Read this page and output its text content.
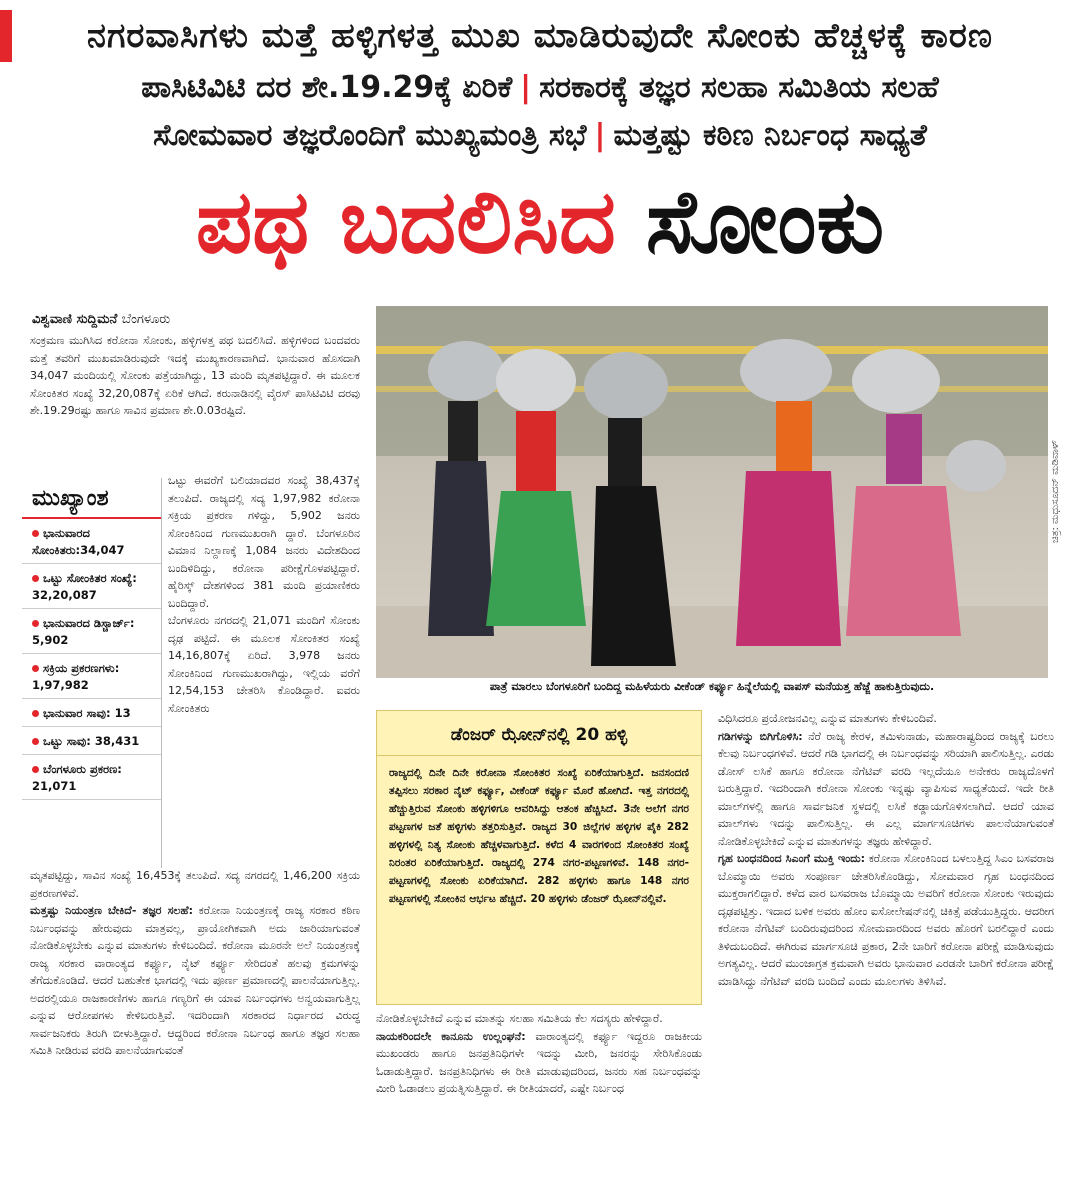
ನಗರವಾಸಿಗಳು ಮತ್ತೆ ಹಳ್ಳಿಗಳತ್ತ ಮುಖ ಮಾಡಿರುವುದೇ ಸೋಂಕು ಹೆಚ್ಚಳಕ್ಕೆ ಕಾರಣ
ಪಾಸಿಟಿವಿಟಿ ದರ ಶೇ.19.29ಕ್ಕೆ ಏರಿಕೆ | ಸರಕಾರಕ್ಕೆ ತಜ್ಞರ ಸಲಹಾ ಸಮಿತಿಯ ಸಲಹೆ
ಸೋಮವಾರ ತಜ್ಞರೊಂದಿಗೆ ಮುಖ್ಯಮಂತ್ರಿ ಸಭೆ | ಮತ್ತಷ್ಟು ಕಠಿಣ ನಿರ್ಬಂಧ ಸಾಧ್ಯತೆ
ಪಥ ಬದಲಿಸಿದ ಸೋಂಕು
ವಿಶ್ವವಾಣಿ ಸುದ್ದಿಮನೆ ಬೆಂಗಳೂರು

ಸಂಕ್ರಮಣ ಮುಗಿಸಿದ ಕರೋನಾ ಸೋಂಕು, ಹಳ್ಳಿಗಳತ್ತ ಪಥ ಬದಲಿಸಿದೆ. ಹಳ್ಳಿಗಳಿಂದ ಬಂದವರು ಮತ್ತೆ ತವರಿಗೆ ಮುಖಮಾಡಿರುವುದೇ ಇದಕ್ಕೆ ಮುಖ್ಯಕಾರಣವಾಗಿದೆ. ಭಾನುವಾರ ಹೊಸದಾಗಿ 34,047 ಮಂದಿಯಲ್ಲಿ ಸೋಂಕು ಪತ್ತೆಯಾಗಿದ್ದು, 13 ಮಂದಿ ಮೃತಪಟ್ಟಿದ್ದಾರೆ. ಈ ಮೂಲಕ ಸೋಂಕಿತರ ಸಂಖ್ಯೆ 32,20,087ಕ್ಕೆ ಏರಿಕೆ ಆಗಿದೆ. ಕರುನಾಡಿನಲ್ಲಿ ವೈರಸ್ ಪಾಸಿಟಿವಿಟಿ ದರವು ಶೇ.19.29ರಷ್ಟು ಹಾಗೂ ಸಾವಿನ ಪ್ರಮಾಣ ಶೇ.0.03ರಷ್ಟಿದೆ.

ಮುಖ್ಯಾಂಶ
ಭಾನುವಾರದ ಸೋಂಕಿತರು:34,047
ಒಟ್ಟು ಸೋಂಕಿತರ ಸಂಖ್ಯೆ: 32,20,087
ಭಾನುವಾರದ ಡಿಸ್ಚಾರ್ಜ್: 5,902
ಸಕ್ರಿಯ ಪ್ರಕರಣಗಳು: 1,97,982
ಭಾನುವಾರ ಸಾವು: 13
ಒಟ್ಟು ಸಾವು: 38,431
ಬೆಂಗಳೂರು ಪ್ರಕರಣ: 21,071

ಒಟ್ಟು ಈವರೆಗೆ ಬಲಿಯಾದವರ ಸಂಖ್ಯೆ 38,437ಕ್ಕೆ ತಲುಪಿದೆ. ರಾಜ್ಯದಲ್ಲಿ ಸದ್ಯ 1,97,982 ಕರೋನಾ ಸಕ್ರಿಯ ಪ್ರಕರಣ ಗಳಿದ್ದು, 5,902 ಜನರು ಸೋಂಕಿನಿಂದ ಗುಣಮುಖರಾಗಿ ದ್ದಾರೆ. ಬೆಂಗಳೂರಿನ ವಿಮಾನ ನಿಲ್ದಾಣಕ್ಕೆ 1,084 ಜನರು ವಿದೇಶದಿಂದ ಬಂದಿಳಿದಿದ್ದು, ಕರೋನಾ ಪರೀಕ್ಷೆಗೊಳಪಟ್ಟಿದ್ದಾರೆ. ಹೈರಿಸ್ಕ್ ದೇಶಗಳಿಂದ 381 ಮಂದಿ ಪ್ರಯಾಣಿಕರು ಬಂದಿದ್ದಾರೆ.

ಬೆಂಗಳೂರು ನಗರದಲ್ಲಿ 21,071 ಮಂದಿಗೆ ಸೋಂಕು ದೃಢ ಪಟ್ಟಿದೆ. ಈ ಮೂಲಕ ಸೋಂಕಿತರ ಸಂಖ್ಯೆ 14,16,807ಕ್ಕೆ ಏರಿದೆ. 3,978 ಜನರು ಸೋಂಕಿನಿಂದ ಗುಣಮುಖರಾಗಿದ್ದು, ಇಲ್ಲಿಯ ವರೆಗೆ 12,54,153 ಚೇತರಿಸಿ ಕೊಂಡಿದ್ದಾರೆ. ಐವರು ಸೋಂಕಿತರು

ಮೃತಪಟ್ಟಿದ್ದು, ಸಾವಿನ ಸಂಖ್ಯೆ 16,453ಕ್ಕೆ ತಲುಪಿದೆ. ಸದ್ಯ ನಗರದಲ್ಲಿ 1,46,200 ಸಕ್ರಿಯ ಪ್ರಕರಣಗಳಿವೆ.

ಮತ್ತಷ್ಟು ನಿಯಂತ್ರಣ ಬೇಕಿದೆ- ತಜ್ಞರ ಸಲಹೆ: ಕರೋನಾ ನಿಯಂತ್ರಣಕ್ಕೆ ರಾಜ್ಯ ಸರಕಾರ ಕಠಿಣ ನಿರ್ಬಂಧವನ್ನು ಹೇರುವುದು ಮಾತ್ರವಲ್ಲ, ಪ್ರಾಯೋಗಿಕವಾಗಿ ಅದು ಜಾರಿಯಾಗುವಂತೆ ನೋಡಿಕೊಳ್ಳಬೇಕು ಎನ್ನುವ ಮಾತುಗಳು ಕೇಳಿಬಂದಿದೆ. ಕರೋನಾ ಮೂರನೇ ಅಲೆ ನಿಯಂತ್ರಣಕ್ಕೆ ರಾಜ್ಯ ಸರಕಾರ ವಾರಾಂತ್ಯದ ಕರ್ಫ್ಯೂ, ನೈಟ್ ಕರ್ಫ್ಯೂ ಸೇರಿದಂತೆ ಹಲವು ಕ್ರಮಗಳನ್ನು ತೆಗೆದುಕೊಂಡಿದೆ. ಆದರೆ ಬಹುತೇಕ ಭಾಗದಲ್ಲಿ ಇದು ಪೂರ್ಣ ಪ್ರಮಾಣದಲ್ಲಿ ಪಾಲನೆಯಾಗುತ್ತಿಲ್ಲ. ಅದರಲ್ಲಿಯೂ ರಾಜಕಾರಣಿಗಳು ಹಾಗೂ ಗಣ್ಯರಿಗೆ ಈ ಯಾವ ನಿರ್ಬಂಧಗಳು ಅನ್ವಯವಾಗುತ್ತಿಲ್ಲ ಎನ್ನುವ ಆರೋಪಗಳು ಕೇಳಿಬರುತ್ತಿವೆ. ಇದರಿಂದಾಗಿ ಸರಕಾರದ ನಿರ್ಧಾರದ ವಿರುದ್ಧ ಸಾರ್ವಜನಿಕರು ತಿರುಗಿ ಬೀಳುತ್ತಿದ್ದಾರೆ. ಆದ್ದರಿಂದ ಕರೋನಾ ನಿರ್ಬಂಧ ಹಾಗೂ ತಜ್ಞರ ಸಲಹಾ ಸಮಿತಿ ನೀಡಿರುವ ವರದಿ ಪಾಲನೆಯಾಗುವಂತೆ

ಚಿತ್ರ: ಮಧುಸೂದನ್ ಮಡಿವಾಳ್
ಪಾತ್ರೆ ಮಾರಲು ಬೆಂಗಳೂರಿಗೆ ಬಂದಿದ್ದ ಮಹಿಳೆಯರು ವೀಕೆಂಡ್ ಕರ್ಫ್ಯೂ ಹಿನ್ನೆಲೆಯಲ್ಲಿ ವಾಪಸ್ ಮನೆಯತ್ತ ಹೆಜ್ಜೆ ಹಾಕುತ್ತಿರುವುದು.
ಡೆಂಜರ್ ಝೋನ್‌ನಲ್ಲಿ 20 ಹಳ್ಳಿ
ರಾಜ್ಯದಲ್ಲಿ ದಿನೇ ದಿನೇ ಕರೋನಾ ಸೋಂಕಿತರ ಸಂಖ್ಯೆ ಏರಿಕೆಯಾಗುತ್ತಿದೆ. ಜನಸಂದಣಿ ತಪ್ಪಿಸಲು ಸರಕಾರ ನೈಟ್ ಕರ್ಫ್ಯೂ, ವೀಕೆಂಡ್ ಕರ್ಫ್ಯೂ ಮೊರೆ ಹೋಗಿದೆ. ಇತ್ತ ನಗರದಲ್ಲಿ ಹೆಚ್ಚುತ್ತಿರುವ ಸೋಂಕು ಹಳ್ಳಿಗಳಿಗೂ ಆವರಿಸಿದ್ದು ಆತಂಕ ಹೆಚ್ಚಿಸಿದೆ. 3ನೇ ಅಲೆಗೆ ನಗರ ಪಟ್ಟಣಗಳ ಜತೆ ಹಳ್ಳಿಗಳು ತತ್ತರಿಸುತ್ತಿವೆ. ರಾಜ್ಯದ 30 ಜಿಲ್ಲೆಗಳ ಹಳ್ಳಿಗಳ ಪೈಕಿ 282 ಹಳ್ಳಿಗಳಲ್ಲಿ ನಿತ್ಯ ಸೋಂಕು ಹೆಚ್ಚಳವಾಗುತ್ತಿದೆ. ಕಳೆದ 4 ವಾರಗಳಿಂದ ಸೋಂಕಿತರ ಸಂಖ್ಯೆ ನಿರಂತರ ಏರಿಕೆಯಾಗುತ್ತಿದೆ. ರಾಜ್ಯದಲ್ಲಿ 274 ನಗರ-ಪಟ್ಟಣಗಳಿವೆ. 148 ನಗರ- ಪಟ್ಟಣಗಳಲ್ಲಿ ಸೋಂಕು ಏರಿಕೆಯಾಗಿದೆ. 282 ಹಳ್ಳಿಗಳು ಹಾಗೂ 148 ನಗರ ಪಟ್ಟಣಗಳಲ್ಲಿ ಸೋಂಕಿನ ಆರ್ಭಟ ಹೆಚ್ಚಿದೆ. 20 ಹಳ್ಳಿಗಳು ಡೆಂಜರ್ ಝೋನ್‌ನಲ್ಲಿವೆ.

ನೋಡಿಕೊಳ್ಳಬೇಕಿದೆ ಎನ್ನುವ ಮಾತನ್ನು ಸಲಹಾ ಸಮಿತಿಯ ಕೆಲ ಸದಸ್ಯರು ಹೇಳಿದ್ದಾರೆ.

ನಾಯಕರಿಂದಲೇ ಕಾನೂನು ಉಲ್ಲಂಘನೆ: ವಾರಾಂತ್ಯದಲ್ಲಿ ಕರ್ಫ್ಯೂ ಇದ್ದರೂ ರಾಜಕೀಯ ಮುಖಂಡರು ಹಾಗೂ ಜನಪ್ರತಿನಿಧಿಗಳೇ ಇದನ್ನು ಮೀರಿ, ಜನರನ್ನು ಸೇರಿಸಿಕೊಂಡು ಓಡಾಡುತ್ತಿದ್ದಾರೆ. ಜನಪ್ರತಿನಿಧಿಗಳು ಈ ರೀತಿ ಮಾಡುವುದರಿಂದ, ಜನರು ಸಹ ನಿರ್ಬಂಧವನ್ನು ಮೀರಿ ಓಡಾಡಲು ಪ್ರಯತ್ನಿಸುತ್ತಿದ್ದಾರೆ. ಈ ರೀತಿಯಾದರೆ, ಎಷ್ಟೇ ನಿರ್ಬಂಧ

ವಿಧಿಸಿದರೂ ಪ್ರಯೋಜನವಿಲ್ಲ ಎನ್ನುವ ಮಾತುಗಳು ಕೇಳಿಬಂದಿವೆ.

ಗಡಿಗಳನ್ನು ಬಿಗಿಗೊಳಿಸಿ: ನೆರೆ ರಾಜ್ಯ ಕೇರಳ, ತಮಿಳುನಾಡು, ಮಹಾರಾಷ್ಟ್ರದಿಂದ ರಾಜ್ಯಕ್ಕೆ ಬರಲು ಕೆಲವು ನಿರ್ಬಂಧಗಳಿವೆ. ಆದರೆ ಗಡಿ ಭಾಗದಲ್ಲಿ ಈ ನಿರ್ಬಂಧವನ್ನು ಸರಿಯಾಗಿ ಪಾಲಿಸುತ್ತಿಲ್ಲ. ಎರಡು ಡೋಸ್ ಲಸಿಕೆ ಹಾಗೂ ಕರೋನಾ ನೆಗೆಟಿವ್ ವರದಿ ಇಲ್ಲದೆಯೂ ಅನೇಕರು ರಾಜ್ಯದೊಳಗೆ ಬರುತ್ತಿದ್ದಾರೆ. ಇದರಿಂದಾಗಿ ಕರೋನಾ ಸೋಂಕು ಇನ್ನಷ್ಟು ವ್ಯಾಪಿಸುವ ಸಾಧ್ಯತೆಯಿದೆ. ಇದೇ ರೀತಿ ಮಾಲ್‌ಗಳಲ್ಲಿ ಹಾಗೂ ಸಾರ್ವಜನಿಕ ಸ್ಥಳದಲ್ಲಿ ಲಸಿಕೆ ಕಡ್ಡಾಯಗೊಳಿಸಲಾಗಿದೆ. ಆದರೆ ಯಾವ ಮಾಲ್‌ಗಳು ಇದನ್ನು ಪಾಲಿಸುತ್ತಿಲ್ಲ. ಈ ಎಲ್ಲ ಮಾರ್ಗಸೂಚಿಗಳು ಪಾಲನೆಯಾಗುವಂತೆ ನೋಡಿಕೊಳ್ಳಬೇಕಿದೆ ಎನ್ನುವ ಮಾತುಗಳನ್ನು ತಜ್ಞರು ಹೇಳಿದ್ದಾರೆ.

ಗೃಹ ಬಂಧನದಿಂದ ಸಿಎಂಗೆ ಮುಕ್ತಿ ಇಂದು: ಕರೋನಾ ಸೋಂಕಿನಿಂದ ಬಳಲುತ್ತಿದ್ದ ಸಿಎಂ ಬಸವರಾಜ ಬೊಮ್ಮಾಯಿ ಅವರು ಸಂಪೂರ್ಣ ಚೇತರಿಸಿಕೊಂಡಿದ್ದು, ಸೋಮವಾರ ಗೃಹ ಬಂಧನದಿಂದ ಮುಕ್ತರಾಗಲಿದ್ದಾರೆ. ಕಳೆದ ವಾರ ಬಸವರಾಜ ಬೊಮ್ಮಾಯಿ ಅವರಿಗೆ ಕರೋನಾ ಸೋಂಕು ಇರುವುದು ದೃಢಪಟ್ಟಿತ್ತು. ಇದಾದ ಬಳಿಕ ಅವರು ಹೋಂ ಐಸೋಲೇಷನ್‌ನಲ್ಲಿ ಚಿಕಿತ್ಸೆ ಪಡೆಯುತ್ತಿದ್ದರು. ಆದರೀಗ ಕರೋನಾ ನೆಗೆಟಿವ್ ಬಂದಿರುವುದರಿಂದ ಸೋಮವಾರದಿಂದ ಅವರು ಹೊರಗೆ ಬರಲಿದ್ದಾರೆ ಎಂದು ತಿಳಿದುಬಂದಿದೆ. ಈಗಿರುವ ಮಾರ್ಗಸೂಚಿ ಪ್ರಕಾರ, 2ನೇ ಬಾರಿಗೆ ಕರೋನಾ ಪರೀಕ್ಷೆ ಮಾಡಿಸುವುದು ಅಗತ್ಯವಿಲ್ಲ. ಆದರೆ ಮುಂಜಾಗ್ರತ ಕ್ರಮವಾಗಿ ಅವರು ಭಾನುವಾರ ಎರಡನೇ ಬಾರಿಗೆ ಕರೋನಾ ಪರೀಕ್ಷೆ ಮಾಡಿಸಿದ್ದು ನೆಗೆಟಿವ್ ವರದಿ ಬಂದಿದೆ ಎಂದು ಮೂಲಗಳು ತಿಳಿಸಿವೆ.
